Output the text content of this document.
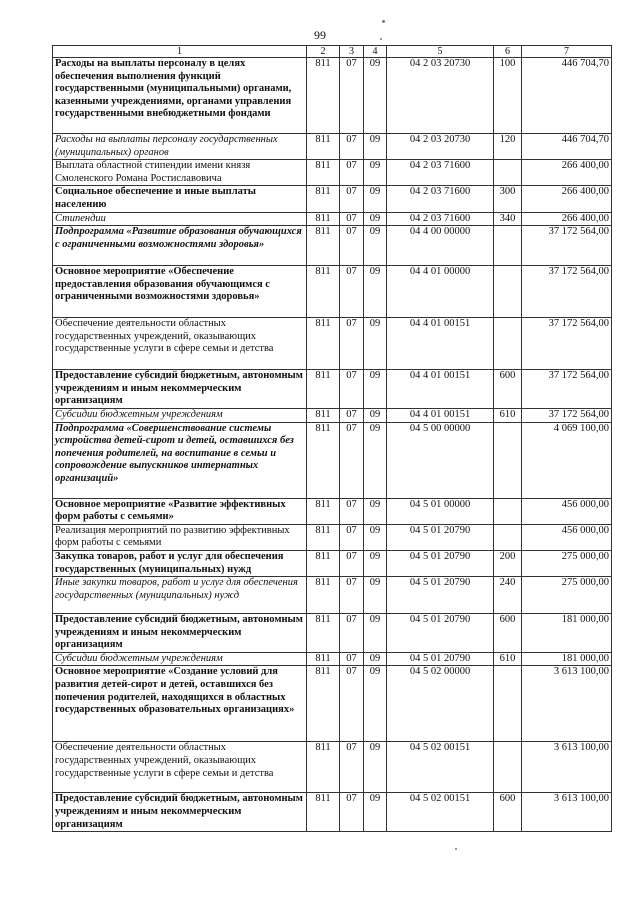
99
1	2	3	4	5	6	7
Расходы на выплаты персоналу в целях обеспечения выполнения функций государственными (муниципальными) органами, казенными учреждениями, органами управления государственными внебюджетными фондами	811	07	09	04 2 03 20730	100	446 704,70
Расходы на выплаты персоналу государственных (муниципальных) органов	811	07	09	04 2 03 20730	120	446 704,70
Выплата областной стипендии имени князя Смоленского Романа Ростиславовича	811	07	09	04 2 03 71600		266 400,00
Социальное обеспечение и иные выплаты населению	811	07	09	04 2 03 71600	300	266 400,00
Стипендии	811	07	09	04 2 03 71600	340	266 400,00
Подпрограмма «Развитие образования обучающихся с ограниченными возможностями здоровья»	811	07	09	04 4 00 00000		37 172 564,00
Основное мероприятие «Обеспечение предоставления образования обучающимся с ограниченными возможностями здоровья»	811	07	09	04 4 01 00000		37 172 564,00
Обеспечение деятельности областных государственных учреждений, оказывающих государственные услуги в сфере семьи и детства	811	07	09	04 4 01 00151		37 172 564,00
Предоставление субсидий бюджетным, автономным учреждениям и иным некоммерческим организациям	811	07	09	04 4 01 00151	600	37 172 564,00
Субсидии бюджетным учреждениям	811	07	09	04 4 01 00151	610	37 172 564,00
Подпрограмма «Совершенствование системы устройства детей-сирот и детей, оставшихся без попечения родителей, на воспитание в семьи и сопровождение выпускников интернатных организаций»	811	07	09	04 5 00 00000		4 069 100,00
Основное мероприятие «Развитие эффективных форм работы с семьями»	811	07	09	04 5 01 00000		456 000,00
Реализация мероприятий по развитию эффективных форм работы с семьями	811	07	09	04 5 01 20790		456 000,00
Закупка товаров, работ и услуг для обеспечения государственных (муниципальных) нужд	811	07	09	04 5 01 20790	200	275 000,00
Иные закупки товаров, работ и услуг для обеспечения государственных (муниципальных) нужд	811	07	09	04 5 01 20790	240	275 000,00
Предоставление субсидий бюджетным, автономным учреждениям и иным некоммерческим организациям	811	07	09	04 5 01 20790	600	181 000,00
Субсидии бюджетным учреждениям	811	07	09	04 5 01 20790	610	181 000,00
Основное мероприятие «Создание условий для развития детей-сирот и детей, оставшихся без попечения родителей, находящихся в областных государственных образовательных организациях»	811	07	09	04 5 02 00000		3 613 100,00
Обеспечение деятельности областных государственных учреждений, оказывающих государственные услуги в сфере семьи и детства	811	07	09	04 5 02 00151		3 613 100,00
Предоставление субсидий бюджетным, автономным учреждениям и иным некоммерческим организациям	811	07	09	04 5 02 00151	600	3 613 100,00
